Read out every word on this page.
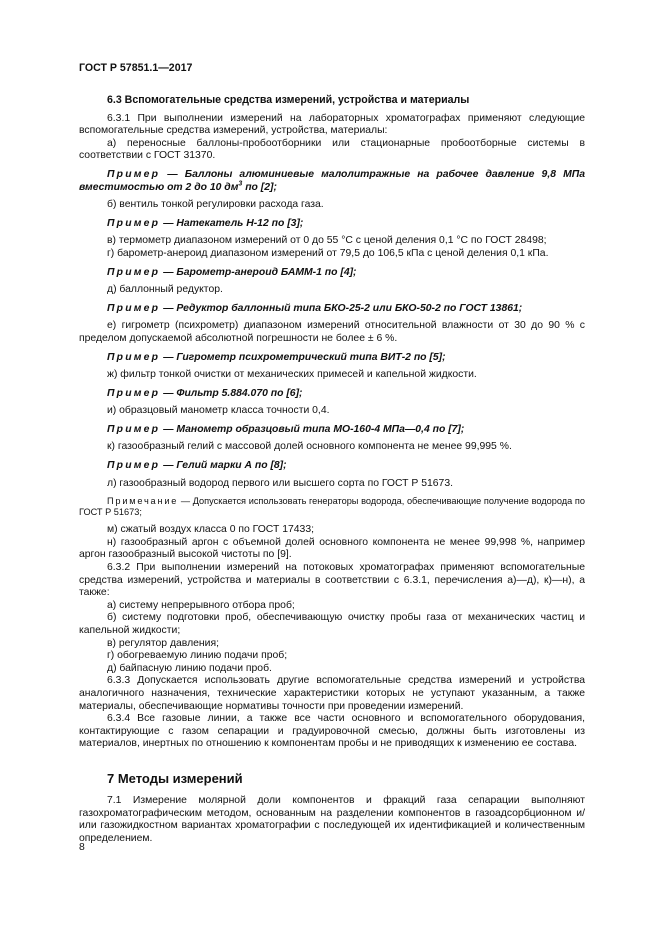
ГОСТ Р 57851.1—2017

6.3 Вспомогательные средства измерений, устройства и материалы

6.3.1 При выполнении измерений на лабораторных хроматографах применяют следующие вспомогательные средства измерений, устройства, материалы:

а) переносные баллоны-пробоотборники или стационарные пробоотборные системы в соответствии с ГОСТ 31370.

Пример — Баллоны алюминиевые малолитражные на рабочее давление 9,8 МПа вместимостью от 2 до 10 $дм^3$ по [2];

б) вентиль тонкой регулировки расхода газа.

Пример — Натекатель Н-12 по [3];

в) термометр диапазоном измерений от 0 до 55 °С с ценой деления 0,1 °С по ГОСТ 28498;

г) барометр-анероид диапазоном измерений от 79,5 до 106,5 кПа с ценой деления 0,1 кПа.

Пример — Барометр-анероид БАММ-1 по [4];

д) баллонный редуктор.

Пример — Редуктор баллонный типа БКО-25-2 или БКО-50-2 по ГОСТ 13861;

е) гигрометр (психрометр) диапазоном измерений относительной влажности от 30 до 90 % с пределом допускаемой абсолютной погрешности не более ± 6 %.

Пример — Гигрометр психрометрический типа ВИТ-2 по [5];

ж) фильтр тонкой очистки от механических примесей и капельной жидкости.

Пример — Фильтр 5.884.070 по [6];

и) образцовый манометр класса точности 0,4.

Пример — Манометр образцовый типа МО-160-4 МПа—0,4 по [7];

к) газообразный гелий с массовой долей основного компонента не менее 99,995 %.

Пример — Гелий марки А по [8];

л) газообразный водород первого или высшего сорта по ГОСТ Р 51673.

Примечание — Допускается использовать генераторы водорода, обеспечивающие получение водорода по ГОСТ Р 51673;

м) сжатый воздух класса 0 по ГОСТ 17433;

н) газообразный аргон с объемной долей основного компонента не менее 99,998 %, например аргон газообразный высокой чистоты по [9].

6.3.2 При выполнении измерений на потоковых хроматографах применяют вспомогательные средства измерений, устройства и материалы в соответствии с 6.3.1, перечисления а)—д), к)—н), а также:

а) систему непрерывного отбора проб;

б) систему подготовки проб, обеспечивающую очистку пробы газа от механических частиц и капельной жидкости;

в) регулятор давления;

г) обогреваемую линию подачи проб;

д) байпасную линию подачи проб.

6.3.3 Допускается использовать другие вспомогательные средства измерений и устройства аналогичного назначения, технические характеристики которых не уступают указанным, а также материалы, обеспечивающие нормативы точности при проведении измерений.

6.3.4 Все газовые линии, а также все части основного и вспомогательного оборудования, контактирующие с газом сепарации и градуировочной смесью, должны быть изготовлены из материалов, инертных по отношению к компонентам пробы и не приводящих к изменению ее состава.

7 Методы измерений

7.1 Измерение молярной доли компонентов и фракций газа сепарации выполняют газохроматографическим методом, основанным на разделении компонентов в газоадсорбционном и/или газожидкостном вариантах хроматографии с последующей их идентификацией и количественным определением.

8
